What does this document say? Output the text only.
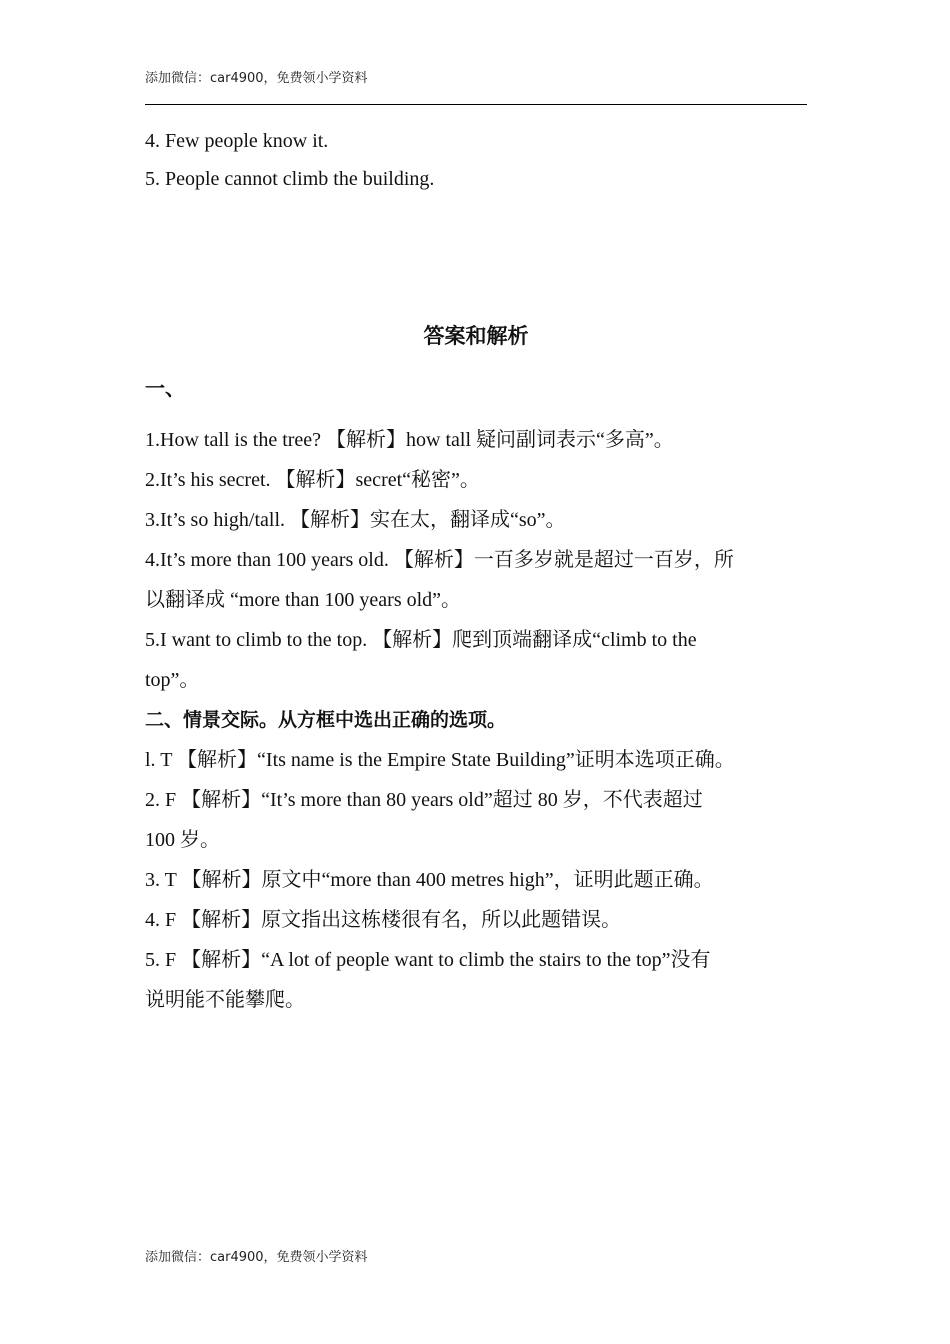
添加微信：car4900，免费领小学资料
4. Few people know it.
5. People cannot climb the building.
答案和解析
一、
1.How tall is the tree? 【解析】how tall 疑问副词表示“多高”。
2.It’s his secret. 【解析】secret“秘密”。
3.It’s so high/tall. 【解析】实在太，翻译成“so”。
4.It’s more than 100 years old. 【解析】一百多岁就是超过一百岁，所
以翻译成 “more than 100 years old”。
5.I want to climb to the top. 【解析】爬到顶端翻译成“climb to the
top”。
二、情景交际。从方框中选出正确的选项。
l. T 【解析】“Its name is the Empire State Building”证明本选项正确。
2. F 【解析】“It’s more than 80 years old”超过 80 岁，不代表超过
100 岁。
3. T 【解析】原文中“more than 400 metres high”，证明此题正确。
4. F 【解析】原文指出这栋楼很有名，所以此题错误。
5. F 【解析】“A lot of people want to climb the stairs to the top”没有
说明能不能攀爬。
添加微信：car4900，免费领小学资料
